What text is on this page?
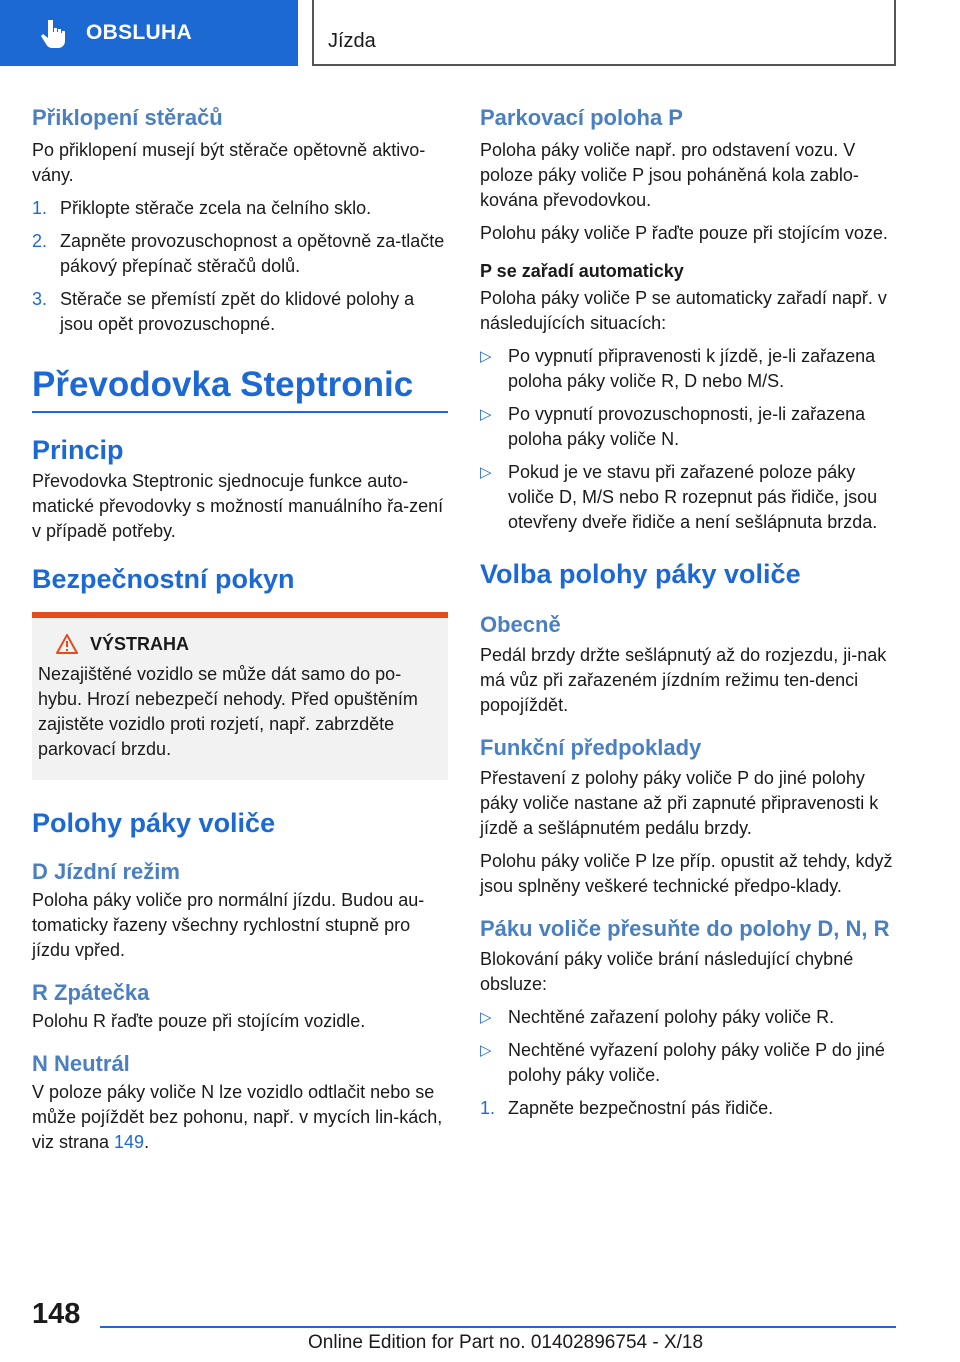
OBSLUHA	Jízda
Přiklopení stěračů

Po přiklopení musejí být stěrače opětovně aktivo-vány.

1. Přiklopte stěrače zcela na čelního sklo.
2. Zapněte provozuschopnost a opětovně za-tlačte pákový přepínač stěračů dolů.
3. Stěrače se přemístí zpět do klidové polohy a jsou opět provozuschopné.
Převodovka Steptronic
Princip

Převodovka Steptronic sjednocuje funkce auto-matické převodovky s možností manuálního řa-zení v případě potřeby.

Bezpečnostní pokyn
VÝSTRAHA

Nezajištěné vozidlo se může dát samo do po-hybu. Hrozí nebezpečí nehody. Před opuštěním zajistěte vozidlo proti rozjetí, např. zabrzděte parkovací brzdu.

Polohy páky voliče
D Jízdní režim

Poloha páky voliče pro normální jízdu. Budou au-tomaticky řazeny všechny rychlostní stupně pro jízdu vpřed.

R Zpátečka

Polohu R řaďte pouze při stojícím vozidle.

N Neutrál

V poloze páky voliče N lze vozidlo odtlačit nebo se může pojíždět bez pohonu, např. v mycích lin-kách, viz strana 149.

Parkovací poloha P

Poloha páky voliče např. pro odstavení vozu. V poloze páky voliče P jsou poháněná kola zablo-kována převodovkou.

Polohu páky voliče P řaďte pouze při stojícím voze.

P se zařadí automaticky

Poloha páky voliče P se automaticky zařadí např. v následujících situacích:

▷ Po vypnutí připravenosti k jízdě, je-li zařazena poloha páky voliče R, D nebo M/S.
▷ Po vypnutí provozuschopnosti, je-li zařazena poloha páky voliče N.
▷ Pokud je ve stavu při zařazené poloze páky voliče D, M/S nebo R rozepnut pás řidiče, jsou otevřeny dveře řidiče a není sešlápnuta brzda.
Volba polohy páky voliče
Obecně

Pedál brzdy držte sešlápnutý až do rozjezdu, ji-nak má vůz při zařazeném jízdním režimu ten-denci popojíždět.

Funkční předpoklady

Přestavení z polohy páky voliče P do jiné polohy páky voliče nastane až při zapnuté připravenosti k jízdě a sešlápnutém pedálu brzdy.

Polohu páky voliče P lze příp. opustit až tehdy, když jsou splněny veškeré technické předpo-klady.

Páku voliče přesuňte do polohy D, N, R

Blokování páky voliče brání následující chybné obsluze:

▷ Nechtěné zařazení polohy páky voliče R.
▷ Nechtěné vyřazení polohy páky voliče P do jiné polohy páky voliče.
1. Zapněte bezpečnostní pás řidiče.
148
Online Edition for Part no. 01402896754 - X/18
